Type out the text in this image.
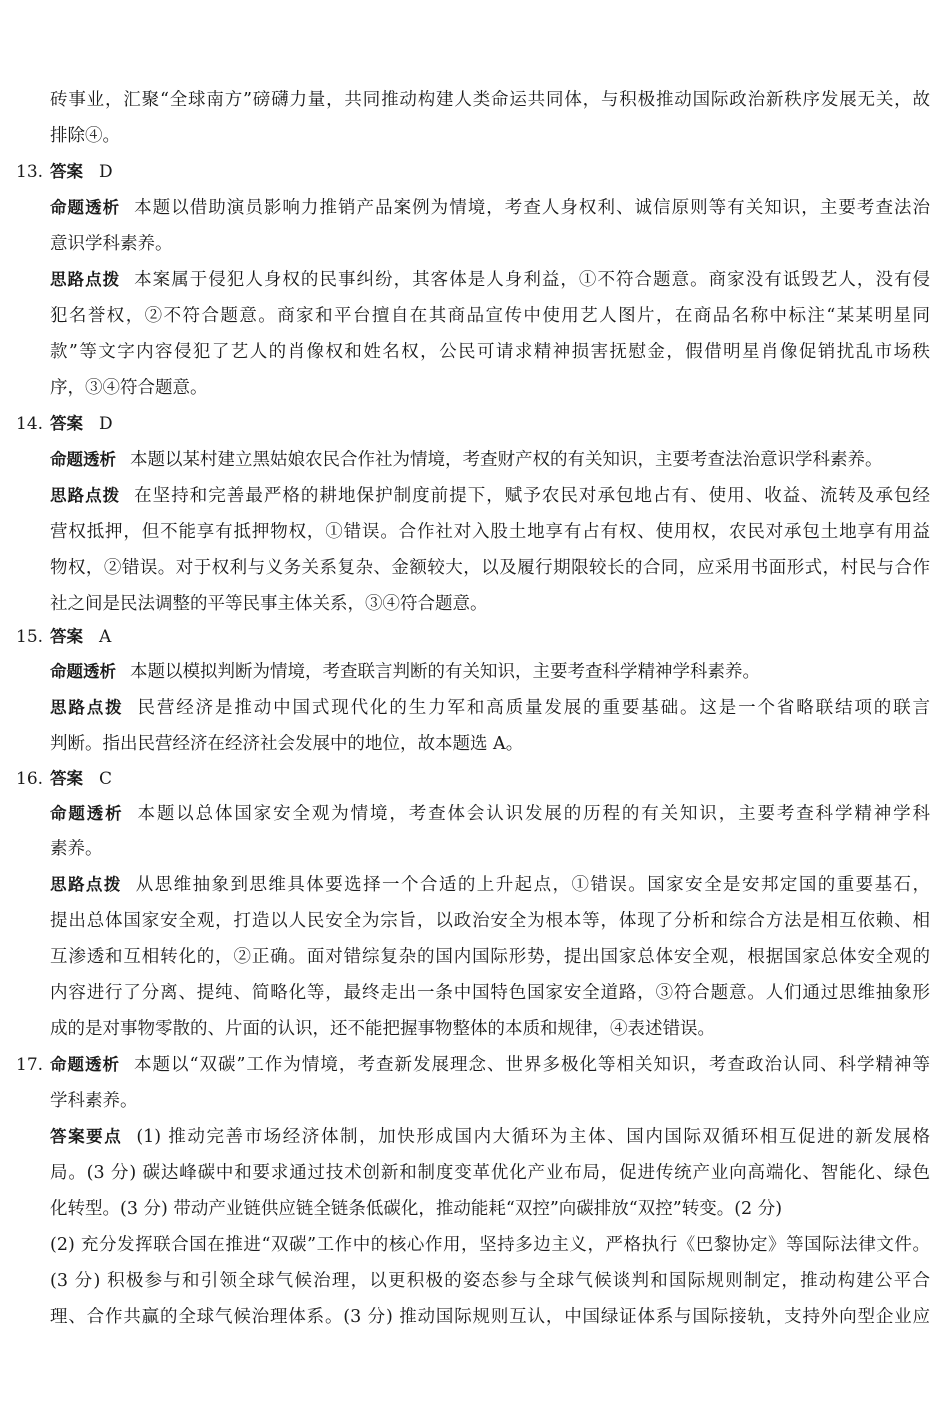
砖事业，汇聚“全球南方”磅礴力量，共同推动构建人类命运共同体，与积极推动国际政治新秩序发展无关，故
排除④。
13. 答案 D
命题透析 本题以借助演员影响力推销产品案例为情境，考查人身权利、诚信原则等有关知识，主要考查法治
意识学科素养。
思路点拨 本案属于侵犯人身权的民事纠纷，其客体是人身利益，①不符合题意。商家没有诋毁艺人，没有侵
犯名誉权，②不符合题意。商家和平台擅自在其商品宣传中使用艺人图片，在商品名称中标注“某某明星同
款”等文字内容侵犯了艺人的肖像权和姓名权，公民可请求精神损害抚慰金，假借明星肖像促销扰乱市场秩
序，③④符合题意。
14. 答案 D
命题透析 本题以某村建立黑姑娘农民合作社为情境，考查财产权的有关知识，主要考查法治意识学科素养。
思路点拨 在坚持和完善最严格的耕地保护制度前提下，赋予农民对承包地占有、使用、收益、流转及承包经
营权抵押，但不能享有抵押物权，①错误。合作社对入股土地享有占有权、使用权，农民对承包土地享有用益
物权，②错误。对于权利与义务关系复杂、金额较大，以及履行期限较长的合同，应采用书面形式，村民与合作
社之间是民法调整的平等民事主体关系，③④符合题意。
15. 答案 A
命题透析 本题以模拟判断为情境，考查联言判断的有关知识，主要考查科学精神学科素养。
思路点拨 民营经济是推动中国式现代化的生力军和高质量发展的重要基础。这是一个省略联结项的联言
判断。指出民营经济在经济社会发展中的地位，故本题选 A。
16. 答案 C
命题透析 本题以总体国家安全观为情境，考查体会认识发展的历程的有关知识，主要考查科学精神学科
素养。
思路点拨 从思维抽象到思维具体要选择一个合适的上升起点，①错误。国家安全是安邦定国的重要基石，
提出总体国家安全观，打造以人民安全为宗旨，以政治安全为根本等，体现了分析和综合方法是相互依赖、相
互渗透和互相转化的，②正确。面对错综复杂的国内国际形势，提出国家总体安全观，根据国家总体安全观的
内容进行了分离、提纯、简略化等，最终走出一条中国特色国家安全道路，③符合题意。人们通过思维抽象形
成的是对事物零散的、片面的认识，还不能把握事物整体的本质和规律，④表述错误。
17. 命题透析 本题以“双碳”工作为情境，考查新发展理念、世界多极化等相关知识，考查政治认同、科学精神等
学科素养。
答案要点 (1) 推动完善市场经济体制，加快形成国内大循环为主体、国内国际双循环相互促进的新发展格
局。(3 分) 碳达峰碳中和要求通过技术创新和制度变革优化产业布局，促进传统产业向高端化、智能化、绿色
化转型。(3 分) 带动产业链供应链全链条低碳化，推动能耗“双控”向碳排放“双控”转变。(2 分)
(2) 充分发挥联合国在推进“双碳”工作中的核心作用，坚持多边主义，严格执行《巴黎协定》等国际法律文件。
(3 分) 积极参与和引领全球气候治理，以更积极的姿态参与全球气候谈判和国际规则制定，推动构建公平合
理、合作共赢的全球气候治理体系。(3 分) 推动国际规则互认，中国绿证体系与国际接轨，支持外向型企业应
